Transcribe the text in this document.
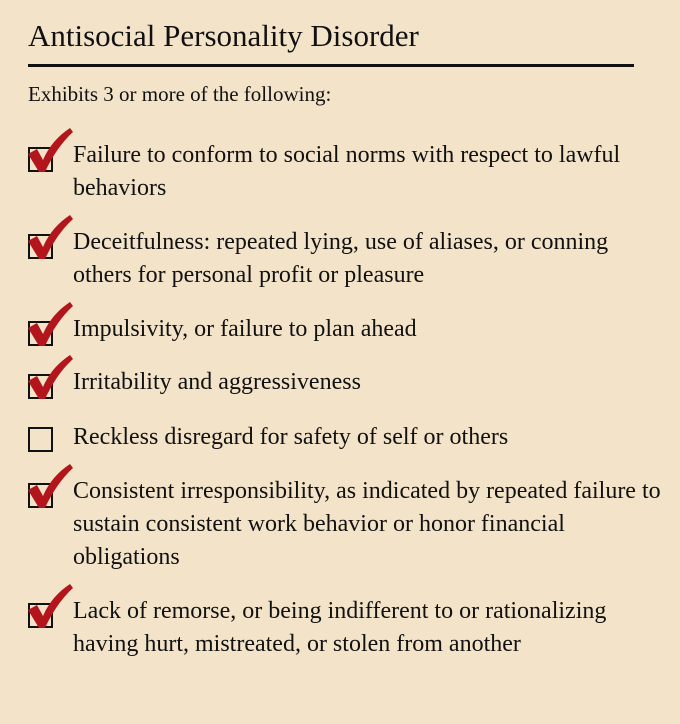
Antisocial Personality Disorder
Exhibits 3 or more of the following:
Failure to conform to social norms with respect to lawful behaviors
Deceitfulness: repeated lying, use of aliases, or conning others for personal profit or pleasure
Impulsivity, or failure to plan ahead
Irritability and aggressiveness
Reckless disregard for safety of self or others
Consistent irresponsibility, as indicated by repeated failure to sustain consistent work behavior or honor financial obligations
Lack of remorse, or being indifferent to or rationalizing having hurt, mistreated, or stolen from another
